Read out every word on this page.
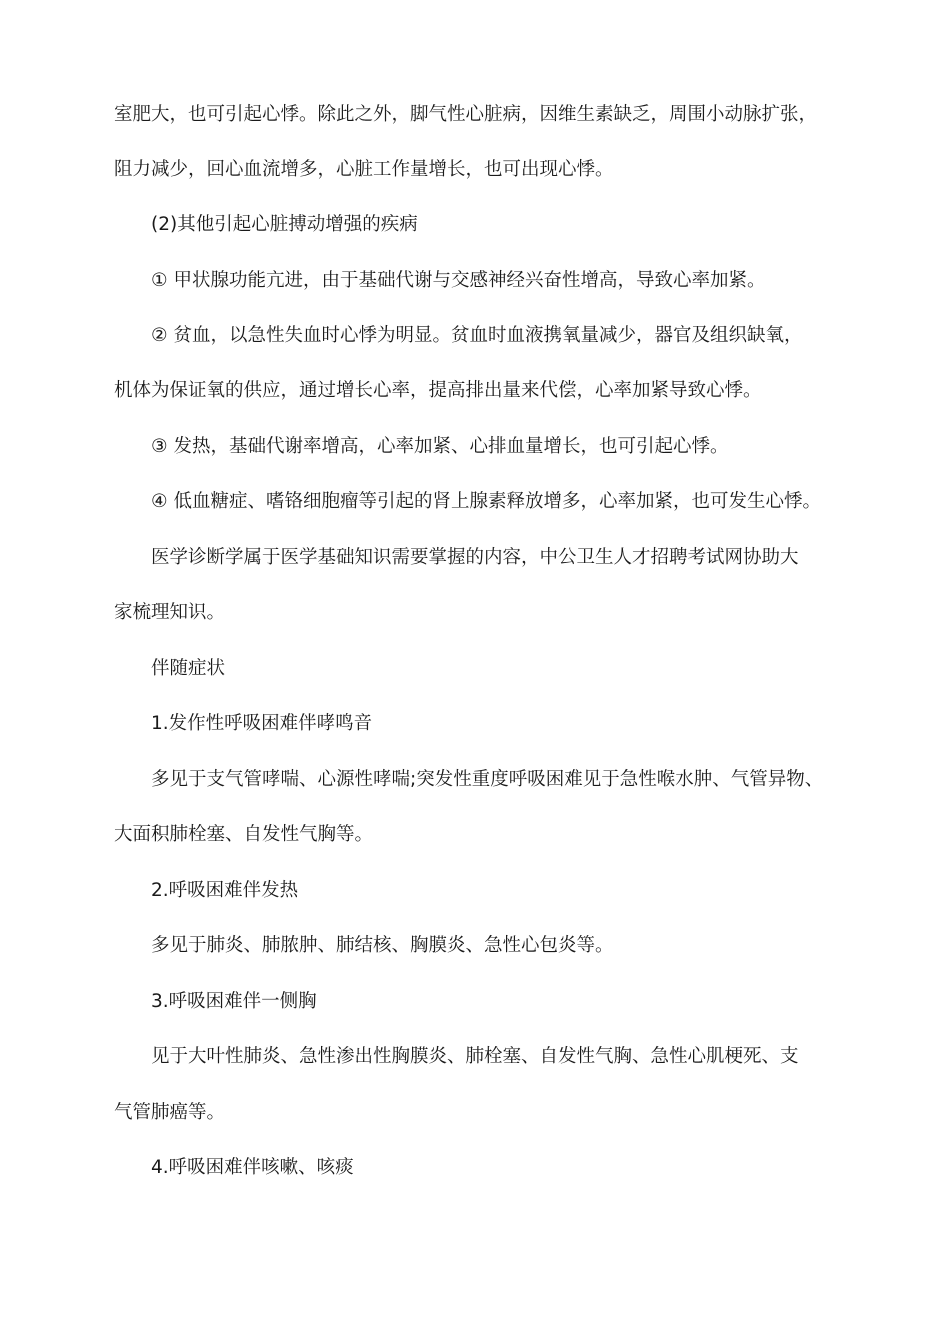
室肥大，也可引起心悸。除此之外，脚气性心脏病，因维生素缺乏，周围小动脉扩张，
阻力减少，回心血流增多，心脏工作量增长，也可出现心悸。
(2)其他引起心脏搏动增强的疾病
① 甲状腺功能亢进，由于基础代谢与交感神经兴奋性增高，导致心率加紧。
② 贫血，以急性失血时心悸为明显。贫血时血液携氧量减少，器官及组织缺氧，
机体为保证氧的供应，通过增长心率，提高排出量来代偿，心率加紧导致心悸。
③ 发热，基础代谢率增高，心率加紧、心排血量增长，也可引起心悸。
④ 低血糖症、嗜铬细胞瘤等引起的肾上腺素释放增多，心率加紧，也可发生心悸。
医学诊断学属于医学基础知识需要掌握的内容，中公卫生人才招聘考试网协助大
家梳理知识。
伴随症状
1.发作性呼吸困难伴哮鸣音
多见于支气管哮喘、心源性哮喘;突发性重度呼吸困难见于急性喉水肿、气管异物、
大面积肺栓塞、自发性气胸等。
2.呼吸困难伴发热
多见于肺炎、肺脓肿、肺结核、胸膜炎、急性心包炎等。
3.呼吸困难伴一侧胸
见于大叶性肺炎、急性渗出性胸膜炎、肺栓塞、自发性气胸、急性心肌梗死、支
气管肺癌等。
4.呼吸困难伴咳嗽、咳痰
